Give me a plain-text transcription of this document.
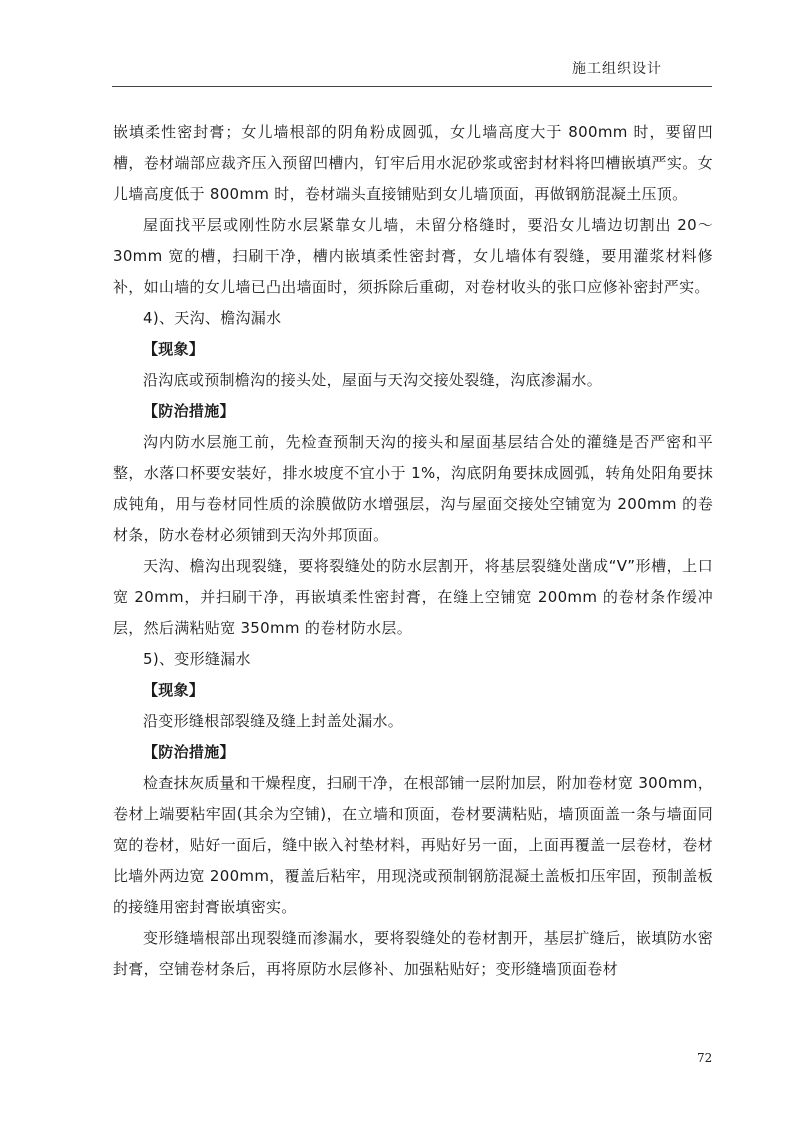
施工组织设计

嵌填柔性密封膏；女儿墙根部的阴角粉成圆弧，女儿墙高度大于 800mm 时，要留凹槽，卷材端部应裁齐压入预留凹槽内，钉牢后用水泥砂浆或密封材料将凹槽嵌填严实。女儿墙高度低于 800mm 时，卷材端头直接铺贴到女儿墙顶面，再做钢筋混凝土压顶。

屋面找平层或刚性防水层紧靠女儿墙，未留分格缝时，要沿女儿墙边切割出 20～30mm 宽的槽，扫刷干净，槽内嵌填柔性密封膏，女儿墙体有裂缝，要用灌浆材料修补，如山墙的女儿墙已凸出墙面时，须拆除后重砌，对卷材收头的张口应修补密封严实。

4)、天沟、檐沟漏水

【现象】

沿沟底或预制檐沟的接头处，屋面与天沟交接处裂缝，沟底渗漏水。

【防治措施】

沟内防水层施工前，先检查预制天沟的接头和屋面基层结合处的灌缝是否严密和平整，水落口杯要安装好，排水坡度不宜小于 1%，沟底阴角要抹成圆弧，转角处阳角要抹成钝角，用与卷材同性质的涂膜做防水增强层，沟与屋面交接处空铺宽为 200mm 的卷材条，防水卷材必须铺到天沟外邦顶面。

天沟、檐沟出现裂缝，要将裂缝处的防水层割开，将基层裂缝处凿成“V”形槽，上口宽 20mm，并扫刷干净，再嵌填柔性密封膏，在缝上空铺宽 200mm 的卷材条作缓冲层，然后满粘贴宽 350mm 的卷材防水层。

5)、变形缝漏水

【现象】

沿变形缝根部裂缝及缝上封盖处漏水。

【防治措施】

检查抹灰质量和干燥程度，扫刷干净，在根部铺一层附加层，附加卷材宽 300mm，卷材上端要粘牢固(其余为空铺)，在立墙和顶面，卷材要满粘贴，墙顶面盖一条与墙面同宽的卷材，贴好一面后，缝中嵌入衬垫材料，再贴好另一面，上面再覆盖一层卷材，卷材比墙外两边宽 200mm，覆盖后粘牢，用现浇或预制钢筋混凝土盖板扣压牢固，预制盖板的接缝用密封膏嵌填密实。

变形缝墙根部出现裂缝而渗漏水，要将裂缝处的卷材割开，基层扩缝后，嵌填防水密封膏，空铺卷材条后，再将原防水层修补、加强粘贴好；变形缝墙顶面卷材

72
